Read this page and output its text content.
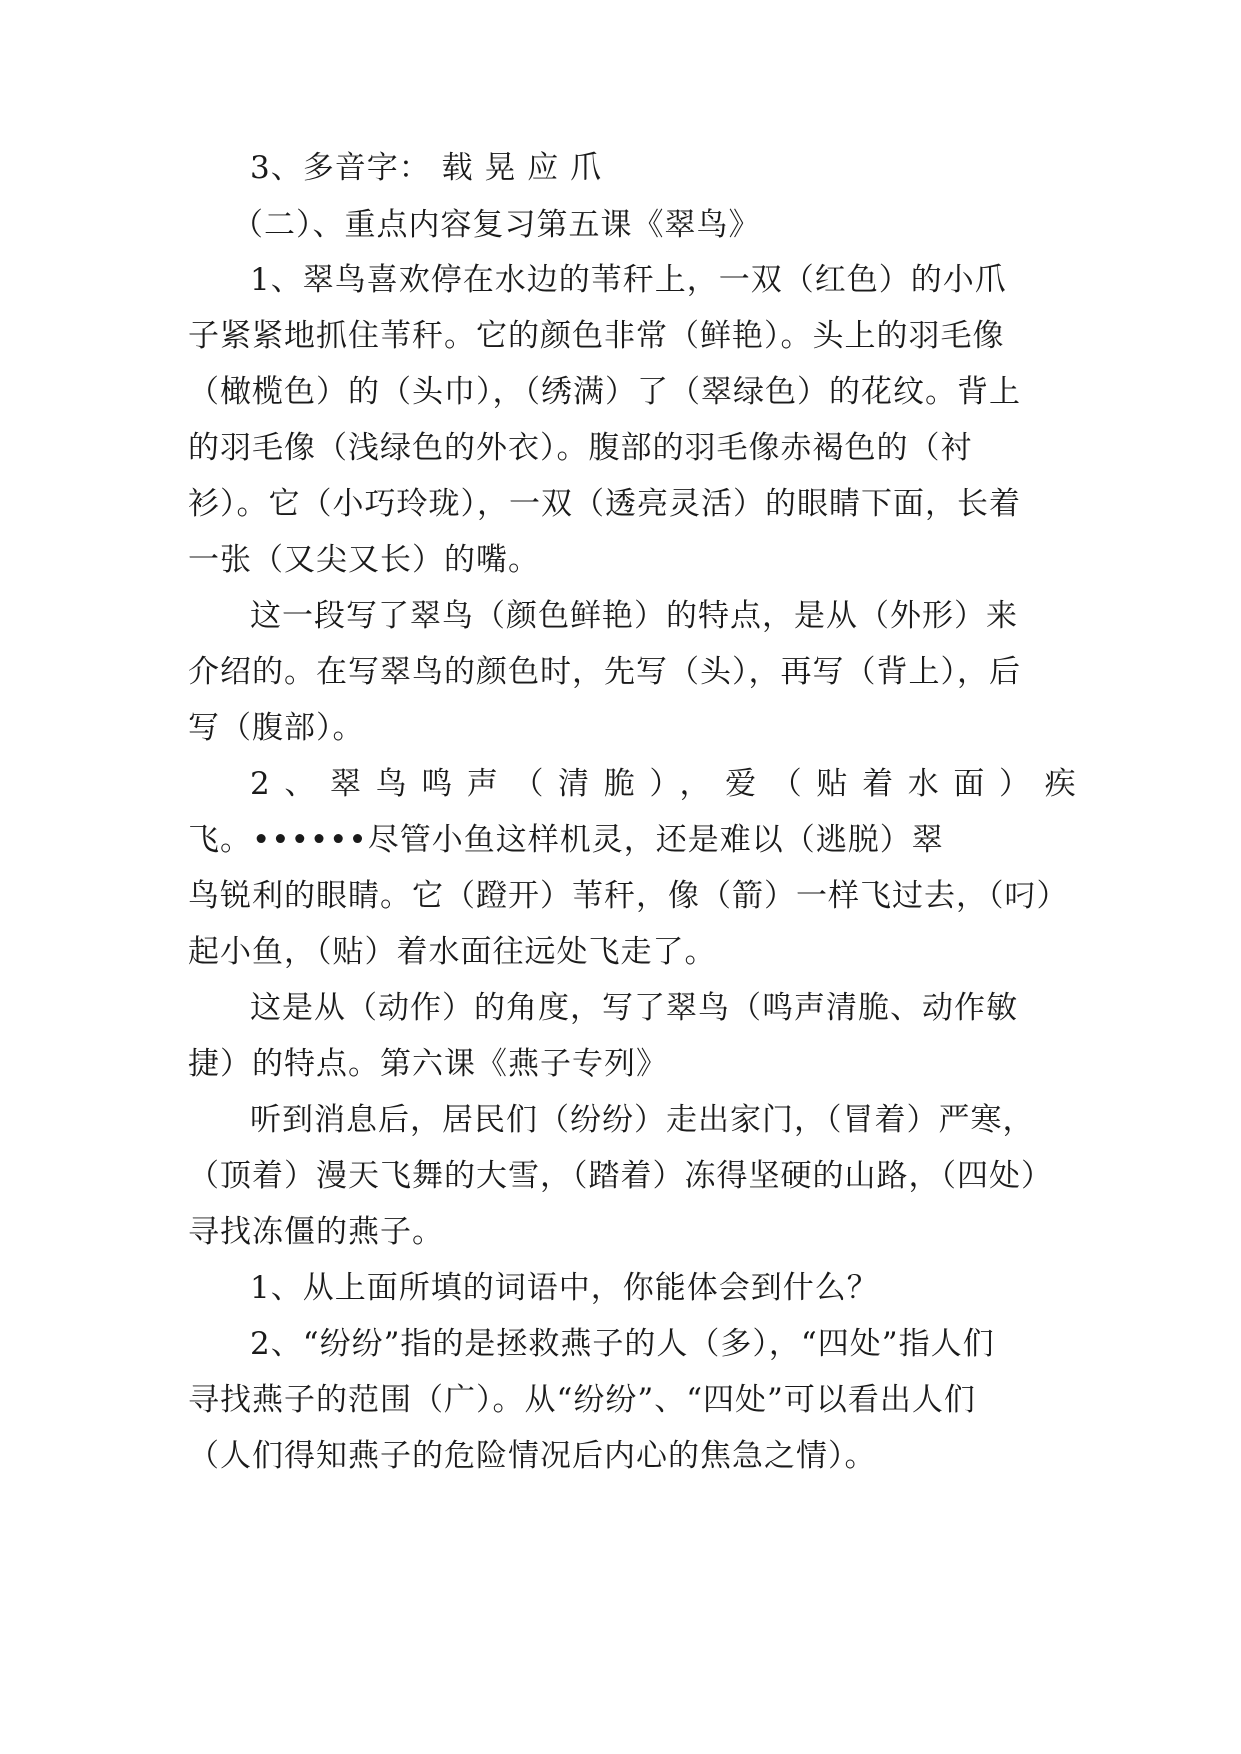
3、多音字： 载 晃 应 爪
（二）、重点内容复习第五课《翠鸟》
1、翠鸟喜欢停在水边的苇秆上，一双（红色）的小爪
子紧紧地抓住苇秆。它的颜色非常（鲜艳）。头上的羽毛像
（橄榄色）的（头巾），（绣满）了（翠绿色）的花纹。背上
的羽毛像（浅绿色的外衣）。腹部的羽毛像赤褐色的（衬
衫）。它（小巧玲珑），一双（透亮灵活）的眼睛下面，长着
一张（又尖又长）的嘴。
这一段写了翠鸟（颜色鲜艳）的特点，是从（外形）来
介绍的。在写翠鸟的颜色时，先写（头），再写（背上），后
写（腹部）。
2、翠鸟鸣声（清脆），爱（贴着水面）疾
飞。••••••尽管小鱼这样机灵，还是难以（逃脱）翠
鸟锐利的眼睛。它（蹬开）苇秆，像（箭）一样飞过去，（叼）
起小鱼，（贴）着水面往远处飞走了。
这是从（动作）的角度，写了翠鸟（鸣声清脆、动作敏
捷）的特点。第六课《燕子专列》
听到消息后，居民们（纷纷）走出家门，（冒着）严寒，
（顶着）漫天飞舞的大雪，（踏着）冻得坚硬的山路，（四处）
寻找冻僵的燕子。
1、从上面所填的词语中，你能体会到什么？
2、“纷纷”指的是拯救燕子的人（多），“四处”指人们
寻找燕子的范围（广）。从“纷纷”、“四处”可以看出人们
（人们得知燕子的危险情况后内心的焦急之情）。
